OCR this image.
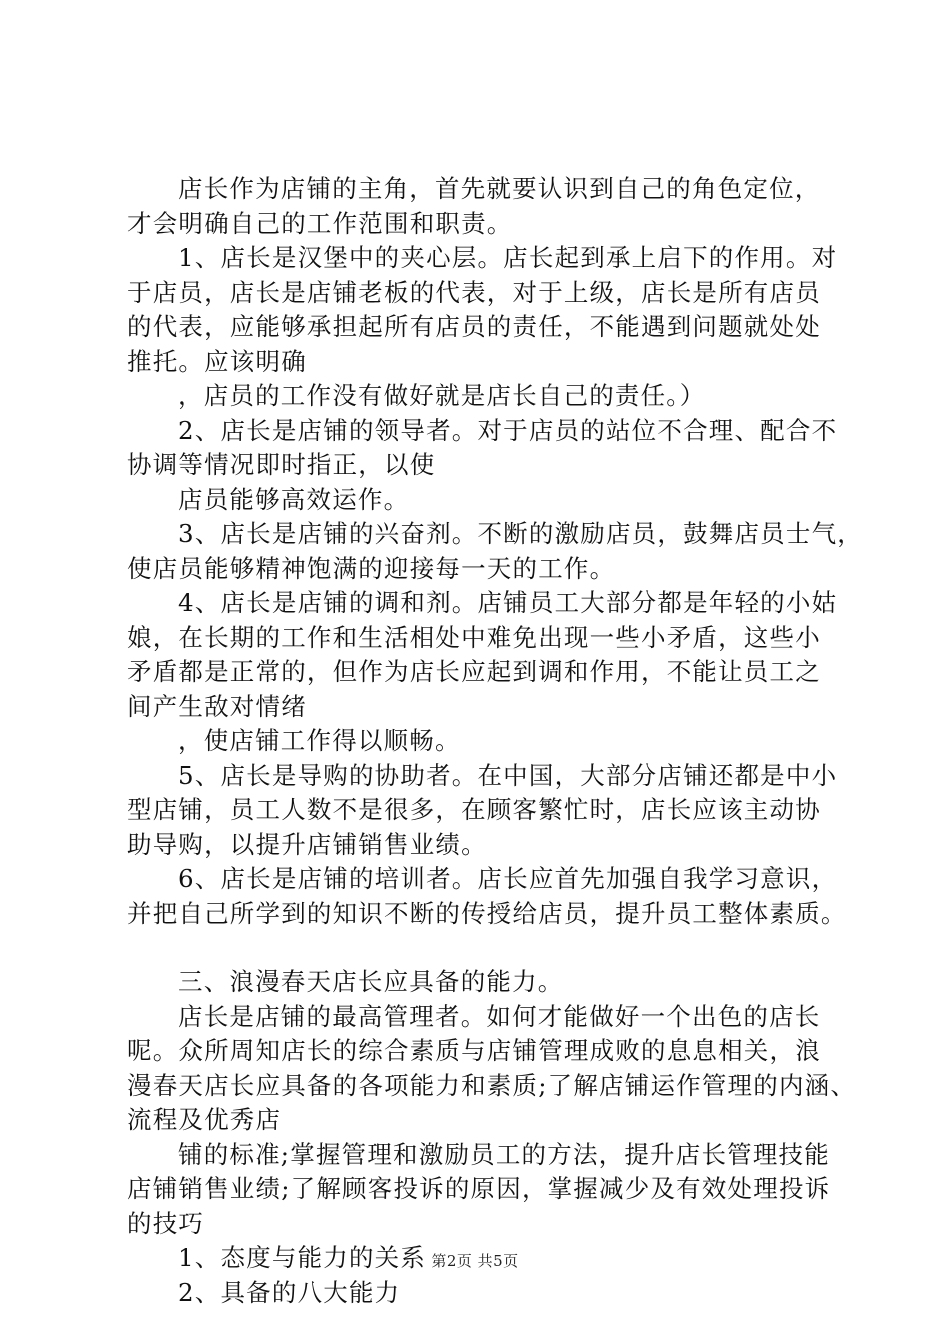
店长作为店铺的主角，首先就要认识到自己的角色定位，
才会明确自己的工作范围和职责。
1、店长是汉堡中的夹心层。店长起到承上启下的作用。对
于店员，店长是店铺老板的代表，对于上级，店长是所有店员
的代表，应能够承担起所有店员的责任，不能遇到问题就处处
推托。应该明确
，店员的工作没有做好就是店长自己的责任。）
2、店长是店铺的领导者。对于店员的站位不合理、配合不
协调等情况即时指正，以使
店员能够高效运作。
3、店长是店铺的兴奋剂。不断的激励店员，鼓舞店员士气，
使店员能够精神饱满的迎接每一天的工作。
4、店长是店铺的调和剂。店铺员工大部分都是年轻的小姑
娘，在长期的工作和生活相处中难免出现一些小矛盾，这些小
矛盾都是正常的，但作为店长应起到调和作用，不能让员工之
间产生敌对情绪
，使店铺工作得以顺畅。
5、店长是导购的协助者。在中国，大部分店铺还都是中小
型店铺，员工人数不是很多，在顾客繁忙时，店长应该主动协
助导购，以提升店铺销售业绩。
6、店长是店铺的培训者。店长应首先加强自我学习意识，
并把自己所学到的知识不断的传授给店员，提升员工整体素质。
三、浪漫春天店长应具备的能力。
店长是店铺的最高管理者。如何才能做好一个出色的店长
呢。众所周知店长的综合素质与店铺管理成败的息息相关，浪
漫春天店长应具备的各项能力和素质;了解店铺运作管理的内涵、
流程及优秀店
铺的标准;掌握管理和激励员工的方法，提升店长管理技能
店铺销售业绩;了解顾客投诉的原因，掌握减少及有效处理投诉
的技巧
1、态度与能力的关系
2、具备的八大能力
第2页 共5页
